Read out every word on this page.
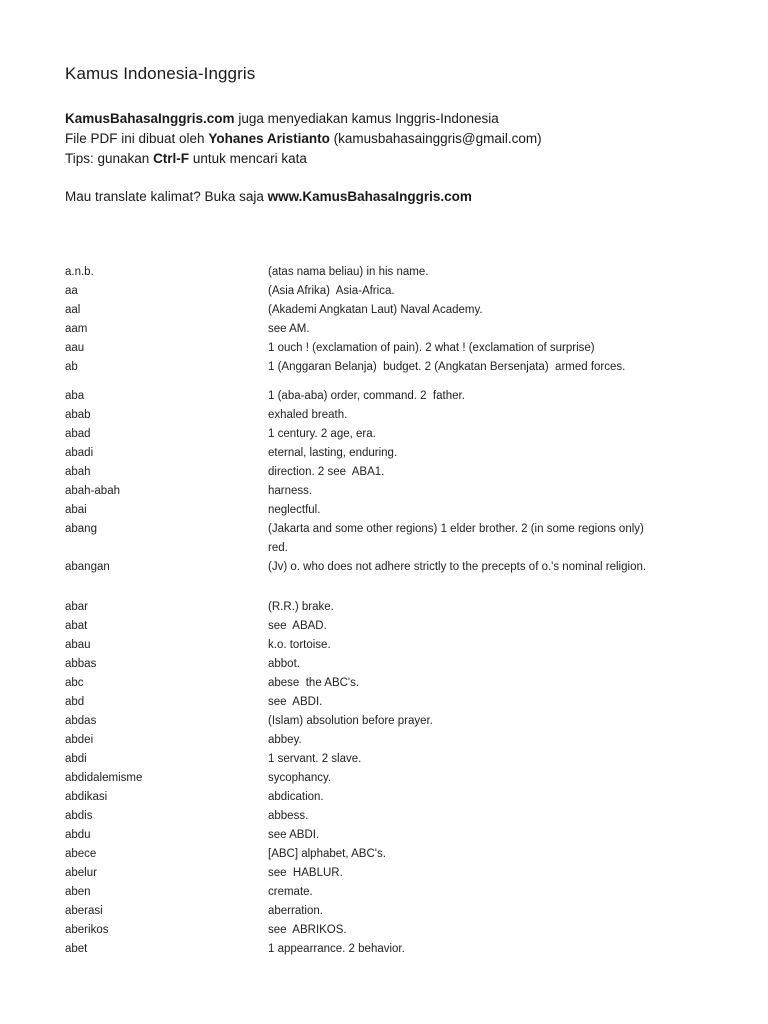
Kamus Indonesia-Inggris
KamusBahasaInggris.com juga menyediakan kamus Inggris-Indonesia
File PDF ini dibuat oleh Yohanes Aristianto (kamusbahasainggris@gmail.com)
Tips: gunakan Ctrl-F untuk mencari kata
Mau translate kalimat? Buka saja www.KamusBahasaInggris.com
a.n.b.	(atas nama beliau) in his name.
aa	(Asia Afrika)  Asia-Africa.
aal	(Akademi Angkatan Laut) Naval Academy.
aam	see AM.
aau	1 ouch ! (exclamation of pain). 2 what ! (exclamation of surprise)
ab	1 (Anggaran Belanja)  budget. 2 (Angkatan Bersenjata)  armed forces.
aba	1 (aba-aba) order, command. 2  father.
abab	exhaled breath.
abad	1 century. 2 age, era.
abadi	eternal, lasting, enduring.
abah	direction. 2 see  ABA1.
abah-abah	harness.
abai	neglectful.
abang	(Jakarta and some other regions) 1 elder brother. 2 (in some regions only)
red.
abangan	(Jv) o. who does not adhere strictly to the precepts of o.'s nominal religion.
abar	(R.R.) brake.
abat	see  ABAD.
abau	k.o. tortoise.
abbas	abbot.
abc	abese  the ABC's.
abd	see  ABDI.
abdas	(Islam) absolution before prayer.
abdei	abbey.
abdi	1 servant. 2 slave.
abdidalemisme	sycophancy.
abdikasi	abdication.
abdis	abbess.
abdu	see ABDI.
abece	[ABC] alphabet, ABC's.
abelur	see  HABLUR.
aben	cremate.
aberasi	aberration.
aberikos	see  ABRIKOS.
abet	1 appearrance. 2 behavior.
